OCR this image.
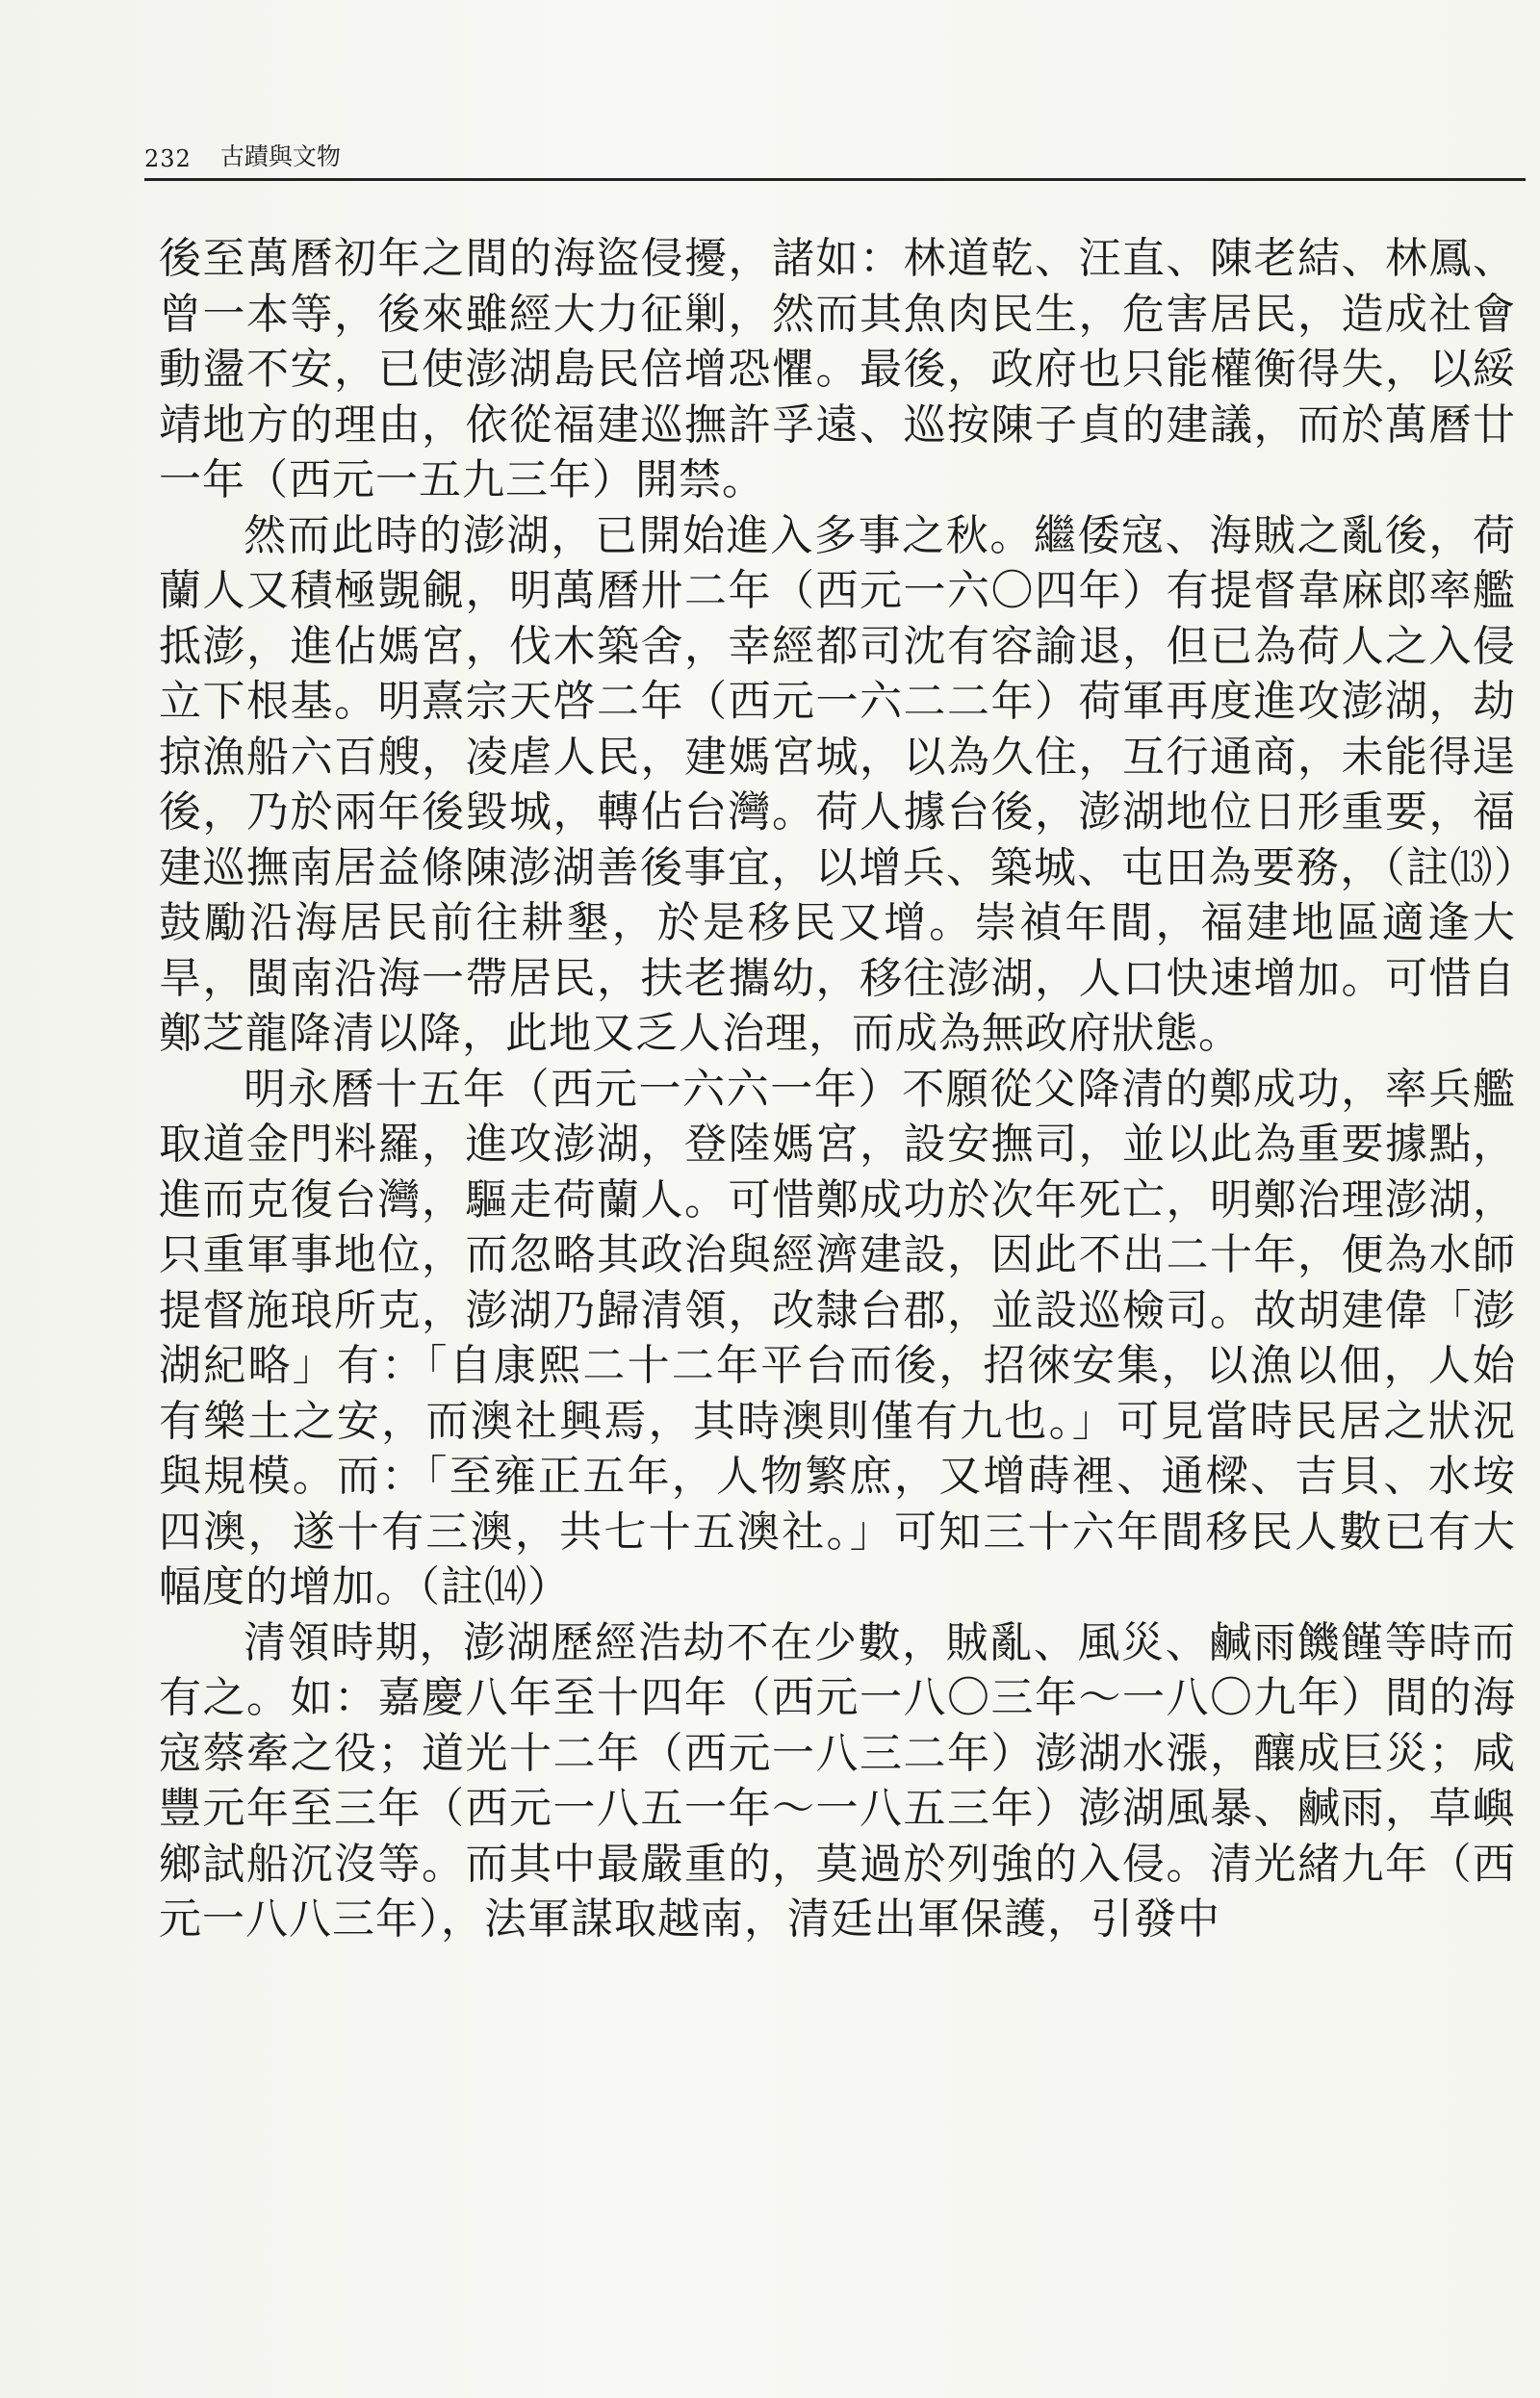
232 古蹟與文物

後至萬曆初年之間的海盜侵擾，諸如：林道乾、汪直、陳老結、林鳳、曾一本等，後來雖經大力征剿，然而其魚肉民生，危害居民，造成社會動盪不安，已使澎湖島民倍增恐懼。最後，政府也只能權衡得失，以綏靖地方的理由，依從福建巡撫許孚遠、巡按陳子貞的建議，而於萬曆廿一年（西元一五九三年）開禁。

然而此時的澎湖，已開始進入多事之秋。繼倭寇、海賊之亂後，荷蘭人又積極覬覦，明萬曆卅二年（西元一六〇四年）有提督韋麻郎率艦抵澎，進佔媽宮，伐木築舍，幸經都司沈有容諭退，但已為荷人之入侵立下根基。明熹宗天啓二年（西元一六二二年）荷軍再度進攻澎湖，劫掠漁船六百艘，凌虐人民，建媽宮城，以為久住，互行通商，未能得逞後，乃於兩年後毀城，轉佔台灣。荷人據台後，澎湖地位日形重要，福建巡撫南居益條陳澎湖善後事宜，以增兵、築城、屯田為要務，（註⒀）鼓勵沿海居民前往耕墾，於是移民又增。崇禎年間，福建地區適逢大旱，閩南沿海一帶居民，扶老攜幼，移往澎湖，人口快速增加。可惜自鄭芝龍降清以降，此地又乏人治理，而成為無政府狀態。

明永曆十五年（西元一六六一年）不願從父降清的鄭成功，率兵艦取道金門料羅，進攻澎湖，登陸媽宮，設安撫司，並以此為重要據點，進而克復台灣，驅走荷蘭人。可惜鄭成功於次年死亡，明鄭治理澎湖，只重軍事地位，而忽略其政治與經濟建設，因此不出二十年，便為水師提督施琅所克，澎湖乃歸清領，改隸台郡，並設巡檢司。故胡建偉「澎湖紀略」有：「自康熙二十二年平台而後，招徠安集，以漁以佃，人始有樂土之安，而澳社興焉，其時澳則僅有九也。」可見當時民居之狀況與規模。而：「至雍正五年，人物繁庶，又增蒔裡、通樑、吉貝、水垵四澳，遂十有三澳，共七十五澳社。」可知三十六年間移民人數已有大幅度的增加。（註⒁）

清領時期，澎湖歷經浩劫不在少數，賊亂、風災、鹹雨饑饉等時而有之。如：嘉慶八年至十四年（西元一八〇三年～一八〇九年）間的海寇蔡牽之役；道光十二年（西元一八三二年）澎湖水漲，釀成巨災；咸豐元年至三年（西元一八五一年～一八五三年）澎湖風暴、鹹雨，草嶼鄉試船沉沒等。而其中最嚴重的，莫過於列強的入侵。清光緒九年（西元一八八三年），法軍謀取越南，清廷出軍保護，引發中
